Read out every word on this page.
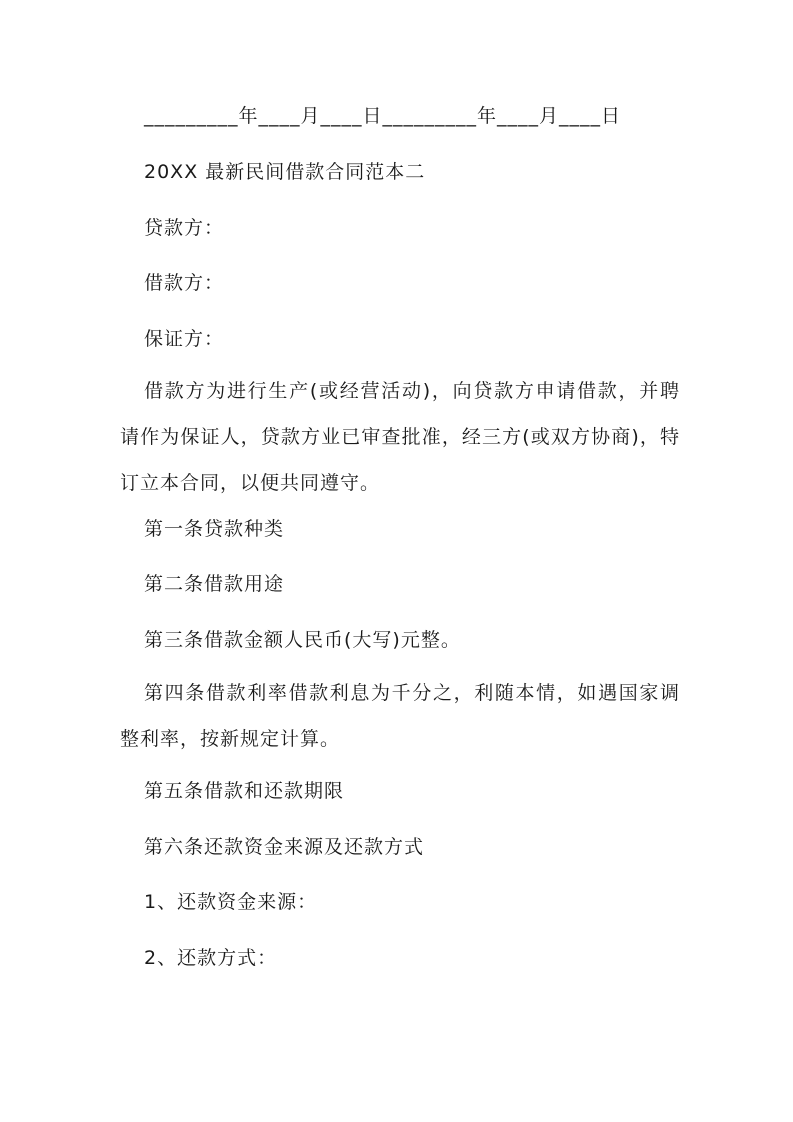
_________年____月____日_________年____月____日
20XX 最新民间借款合同范本二
贷款方：
借款方：
保证方：
借款方为进行生产(或经营活动)，向贷款方申请借款，并聘请作为保证人，贷款方业已审查批准，经三方(或双方协商)，特订立本合同，以便共同遵守。
第一条贷款种类
第二条借款用途
第三条借款金额人民币(大写)元整。
第四条借款利率借款利息为千分之，利随本情，如遇国家调整利率，按新规定计算。
第五条借款和还款期限
第六条还款资金来源及还款方式
1、还款资金来源：
2、还款方式：
